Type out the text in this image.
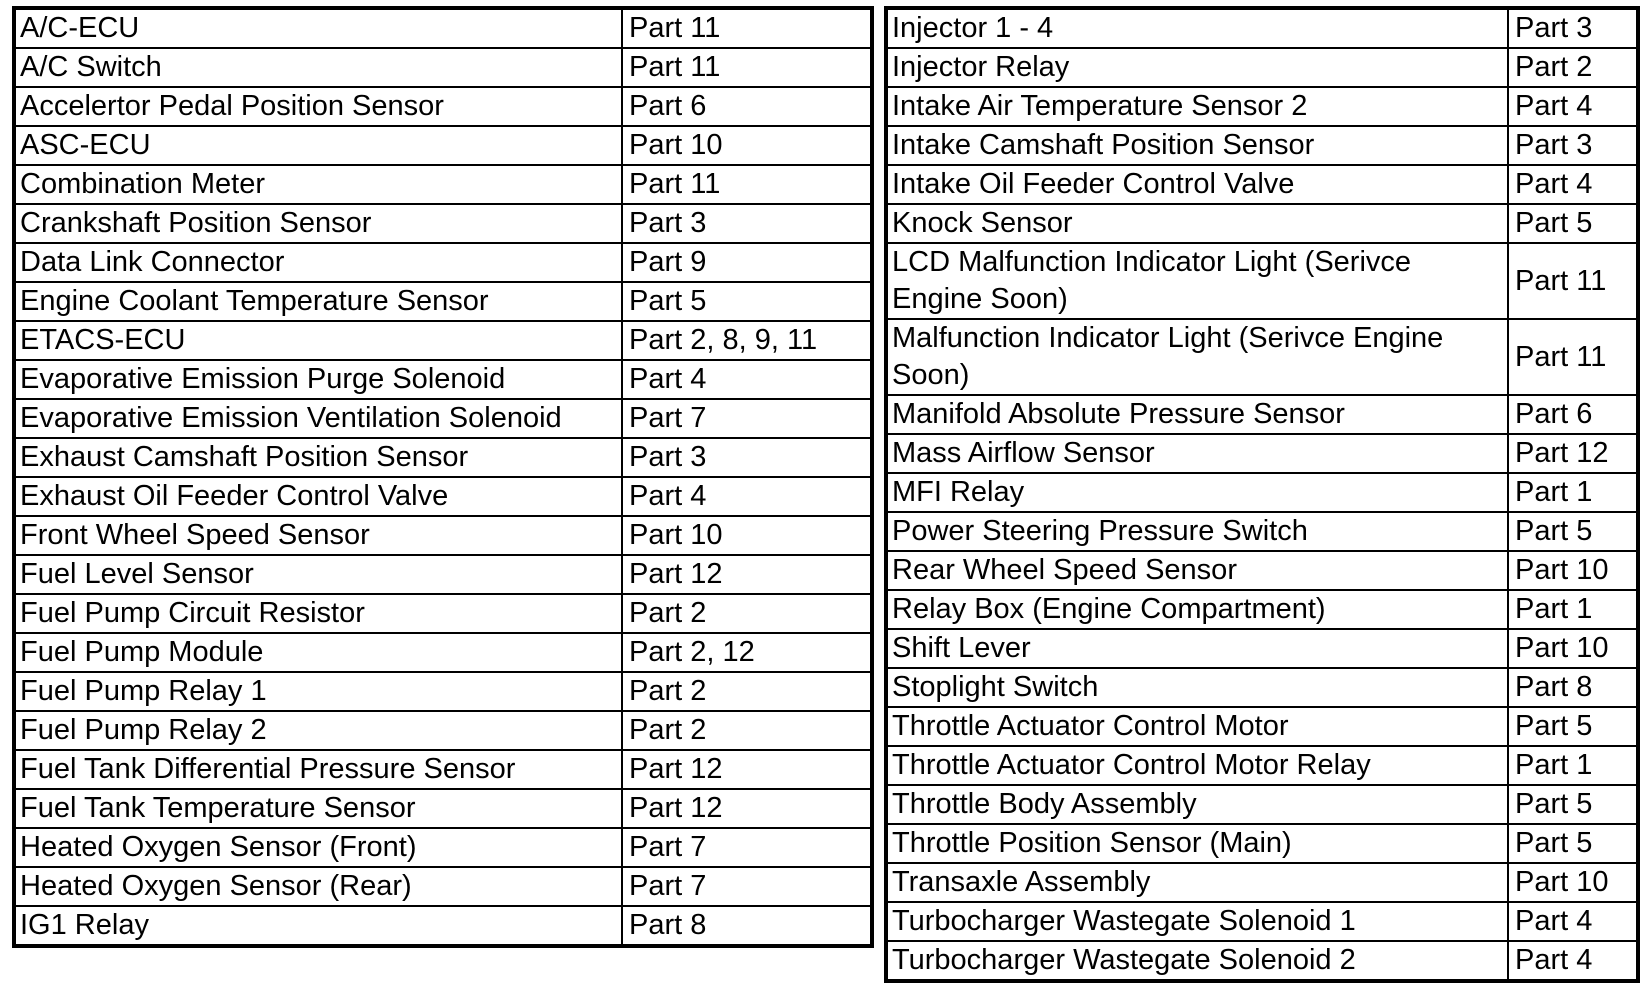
A/C-ECU	Part 11
A/C Switch	Part 11
Accelertor Pedal Position Sensor	Part 6
ASC-ECU	Part 10
Combination Meter	Part 11
Crankshaft Position Sensor	Part 3
Data Link Connector	Part 9
Engine Coolant Temperature Sensor	Part 5
ETACS-ECU	Part 2, 8, 9, 11
Evaporative Emission Purge Solenoid	Part 4
Evaporative Emission Ventilation Solenoid	Part 7
Exhaust Camshaft Position Sensor	Part 3
Exhaust Oil Feeder Control Valve	Part 4
Front Wheel Speed Sensor	Part 10
Fuel Level Sensor	Part 12
Fuel Pump Circuit Resistor	Part 2
Fuel Pump Module	Part 2, 12
Fuel Pump Relay 1	Part 2
Fuel Pump Relay 2	Part 2
Fuel Tank Differential Pressure Sensor	Part 12
Fuel Tank Temperature Sensor	Part 12
Heated Oxygen Sensor (Front)	Part 7
Heated Oxygen Sensor (Rear)	Part 7
IG1 Relay	Part 8
Injector 1 - 4	Part 3
Injector Relay	Part 2
Intake Air Temperature Sensor 2	Part 4
Intake Camshaft Position Sensor	Part 3
Intake Oil Feeder Control Valve	Part 4
Knock Sensor	Part 5
LCD Malfunction Indicator Light (Serivce Engine Soon)	Part 11
Malfunction Indicator Light (Serivce Engine Soon)	Part 11
Manifold Absolute Pressure Sensor	Part 6
Mass Airflow Sensor	Part 12
MFI Relay	Part 1
Power Steering Pressure Switch	Part 5
Rear Wheel Speed Sensor	Part 10
Relay Box (Engine Compartment)	Part 1
Shift Lever	Part 10
Stoplight Switch	Part 8
Throttle Actuator Control Motor	Part 5
Throttle Actuator Control Motor Relay	Part 1
Throttle Body Assembly	Part 5
Throttle Position Sensor (Main)	Part 5
Transaxle Assembly	Part 10
Turbocharger Wastegate Solenoid 1	Part 4
Turbocharger Wastegate Solenoid 2	Part 4
